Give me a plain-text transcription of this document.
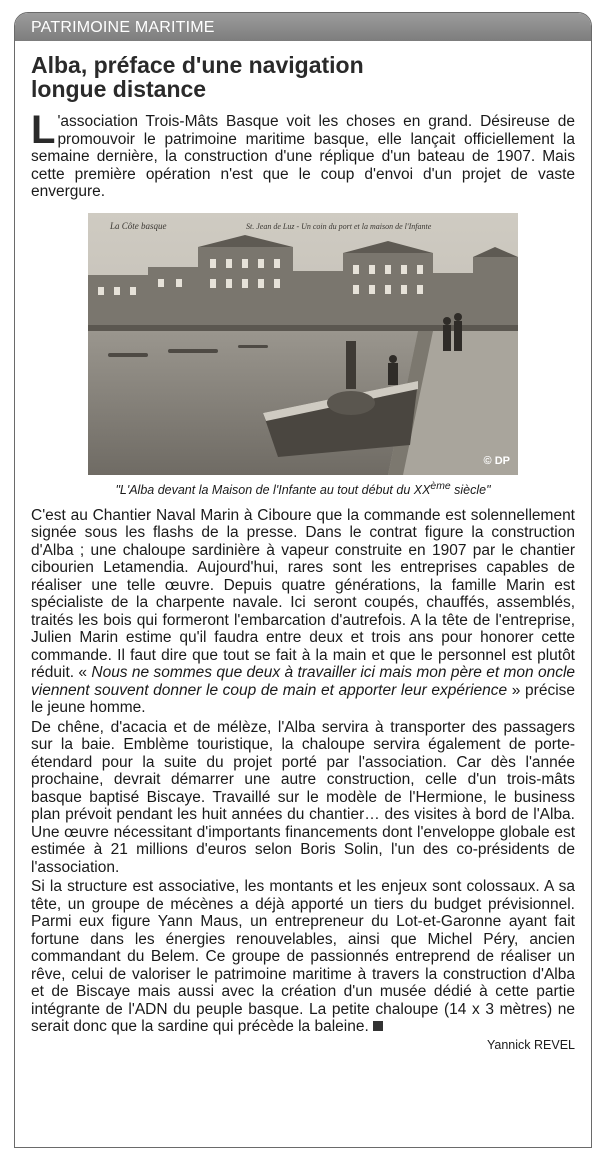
PATRIMOINE MARITIME
Alba, préface d'une navigation
longue distance

L 'association Trois-Mâts Basque voit les choses en grand. Désireuse de promouvoir le patrimoine maritime basque, elle lançait officiellement la semaine dernière, la construction d'une réplique d'un bateau de 1907. Mais cette première opération n'est que le coup d'envoi d'un projet de vaste envergure.

La Côte basque	St. Jean de Luz - Un coin du port et la maison de l'Infante
© DP
"L'Alba devant la Maison de l'Infante au tout début du XXème siècle"

C'est au Chantier Naval Marin à Ciboure que la commande est solennellement signée sous les flashs de la presse. Dans le contrat figure la construction d'Alba ; une chaloupe sardinière à vapeur construite en 1907 par le chantier cibourien Letamendia. Aujourd'hui, rares sont les entreprises capables de réaliser une telle œuvre. Depuis quatre générations, la famille Marin est spécialiste de la charpente navale. Ici seront coupés, chauffés, assemblés, traités les bois qui formeront l'embarcation d'autrefois. A la tête de l'entreprise, Julien Marin estime qu'il faudra entre deux et trois ans pour honorer cette commande. Il faut dire que tout se fait à la main et que le personnel est plutôt réduit. « Nous ne sommes que deux à travailler ici mais mon père et mon oncle viennent souvent donner le coup de main et apporter leur expérience » précise le jeune homme.

De chêne, d'acacia et de mélèze, l'Alba servira à transporter des passagers sur la baie. Emblème touristique, la chaloupe servira également de porte-étendard pour la suite du projet porté par l'association. Car dès l'année prochaine, devrait démarrer une autre construction, celle d'un trois-mâts basque baptisé Biscaye. Travaillé sur le modèle de l'Hermione, le business plan prévoit pendant les huit années du chantier… des visites à bord de l'Alba. Une œuvre nécessitant d'importants financements dont l'enveloppe globale est estimée à 21 millions d'euros selon Boris Solin, l'un des co-présidents de l'association.

Si la structure est associative, les montants et les enjeux sont colossaux. A sa tête, un groupe de mécènes a déjà apporté un tiers du budget prévisionnel. Parmi eux figure Yann Maus, un entrepreneur du Lot-et-Garonne ayant fait fortune dans les énergies renouvelables, ainsi que Michel Péry, ancien commandant du Belem. Ce groupe de passionnés entreprend de réaliser un rêve, celui de valoriser le patrimoine maritime à travers la construction d'Alba et de Biscaye mais aussi avec la création d'un musée dédié à cette partie intégrante de l'ADN du peuple basque. La petite chaloupe (14 x 3 mètres) ne serait donc que la sardine qui précède la baleine.

Yannick REVEL
